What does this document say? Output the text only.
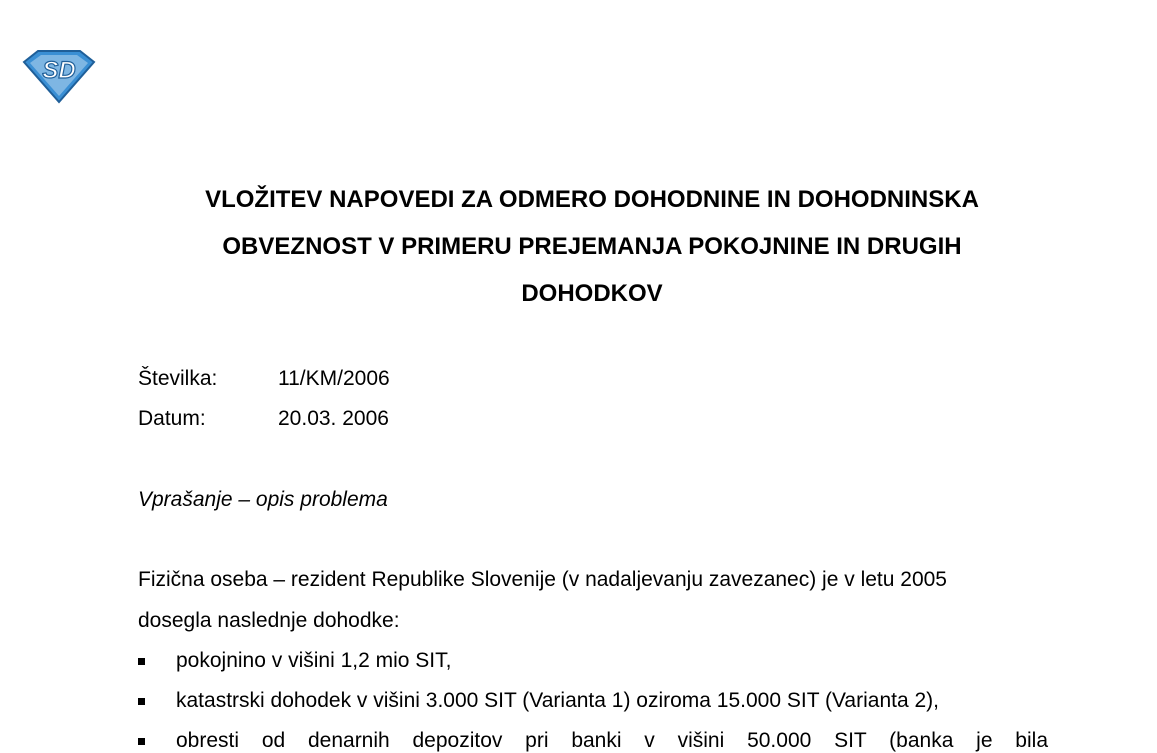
SD
VLOŽITEV NAPOVEDI ZA ODMERO DOHODNINE IN DOHODNINSKA
OBVEZNOST V PRIMERU PREJEMANJA POKOJNINE IN DRUGIH
DOHODKOV
Številka:	11/KM/2006
Datum:	20.03. 2006
Vprašanje – opis problema
Fizična oseba – rezident Republike Slovenije (v nadaljevanju zavezanec) je v letu 2005
dosegla naslednje dohodke:
pokojnino v višini 1,2 mio SIT,
katastrski dohodek v višini 3.000 SIT (Varianta 1) oziroma 15.000 SIT (Varianta 2),
obresti od denarnih depozitov pri banki v višini 50.000 SIT (banka je bila
